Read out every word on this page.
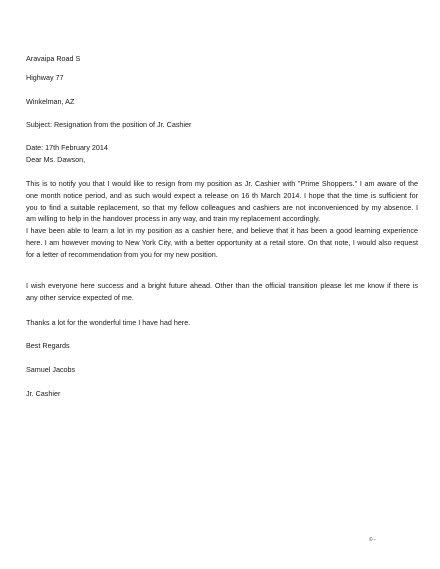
Aravaipa Road S
Highway 77
Winkelman, AZ
Subject: Resignation from the position of Jr. Cashier
Date: 17th February 2014
Dear Ms. Dawson,
This is to notify you that I would like to resign from my position as Jr. Cashier with "Prime Shoppers." I am aware of the
one month notice period, and as such would expect a release on 16 th March 2014. I hope that the time is sufficient for
you to find a suitable replacement, so that my fellow colleagues and cashiers are not inconvenienced by my absence. I
am willing to help in the handover process in any way, and train my replacement accordingly.
I have been able to learn a lot in my position as a cashier here, and believe that it has been a good learning experience
here. I am however moving to New York City, with a better opportunity at a retail store. On that note, I would also request
for a letter of recommendation from you for my new position.
I wish everyone here success and a bright future ahead. Other than the official transition please let me know if there is
any other service expected of me.
Thanks a lot for the wonderful time I have had here.
Best Regards
Samuel Jacobs
Jr. Cashier
© -
